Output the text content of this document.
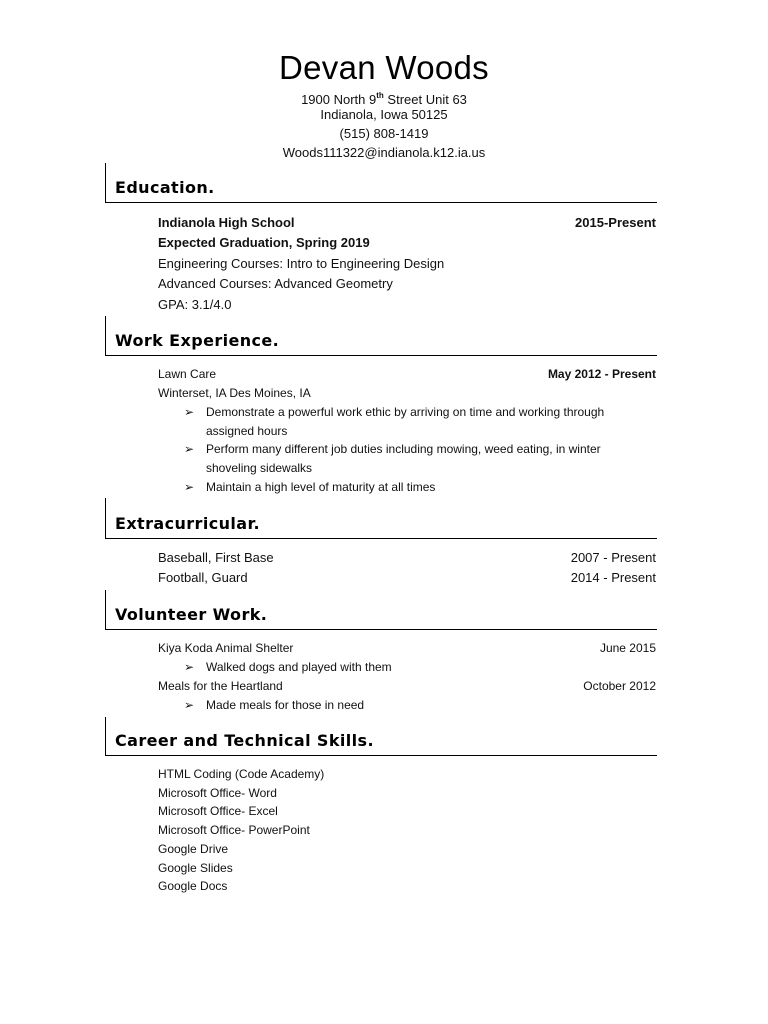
Devan Woods
1900 North 9th Street Unit 63
Indianola, Iowa 50125
(515) 808-1419
Woods111322@indianola.k12.ia.us
Education.
Indianola High School	2015-Present
Expected Graduation, Spring 2019
Engineering Courses: Intro to Engineering Design
Advanced Courses: Advanced Geometry
GPA: 3.1/4.0
Work Experience.
Lawn Care	May 2012 - Present
Winterset, IA Des Moines, IA
➢ Demonstrate a powerful work ethic by arriving on time and working through assigned hours
➢ Perform many different job duties including mowing, weed eating, in winter shoveling sidewalks
➢ Maintain a high level of maturity at all times
Extracurricular.
Baseball, First Base	2007 - Present
Football, Guard	2014 - Present
Volunteer Work.
Kiya Koda Animal Shelter	June 2015
➢ Walked dogs and played with them
Meals for the Heartland	October 2012
➢ Made meals for those in need
Career and Technical Skills.
HTML Coding (Code Academy)
Microsoft Office- Word
Microsoft Office- Excel
Microsoft Office- PowerPoint
Google Drive
Google Slides
Google Docs
